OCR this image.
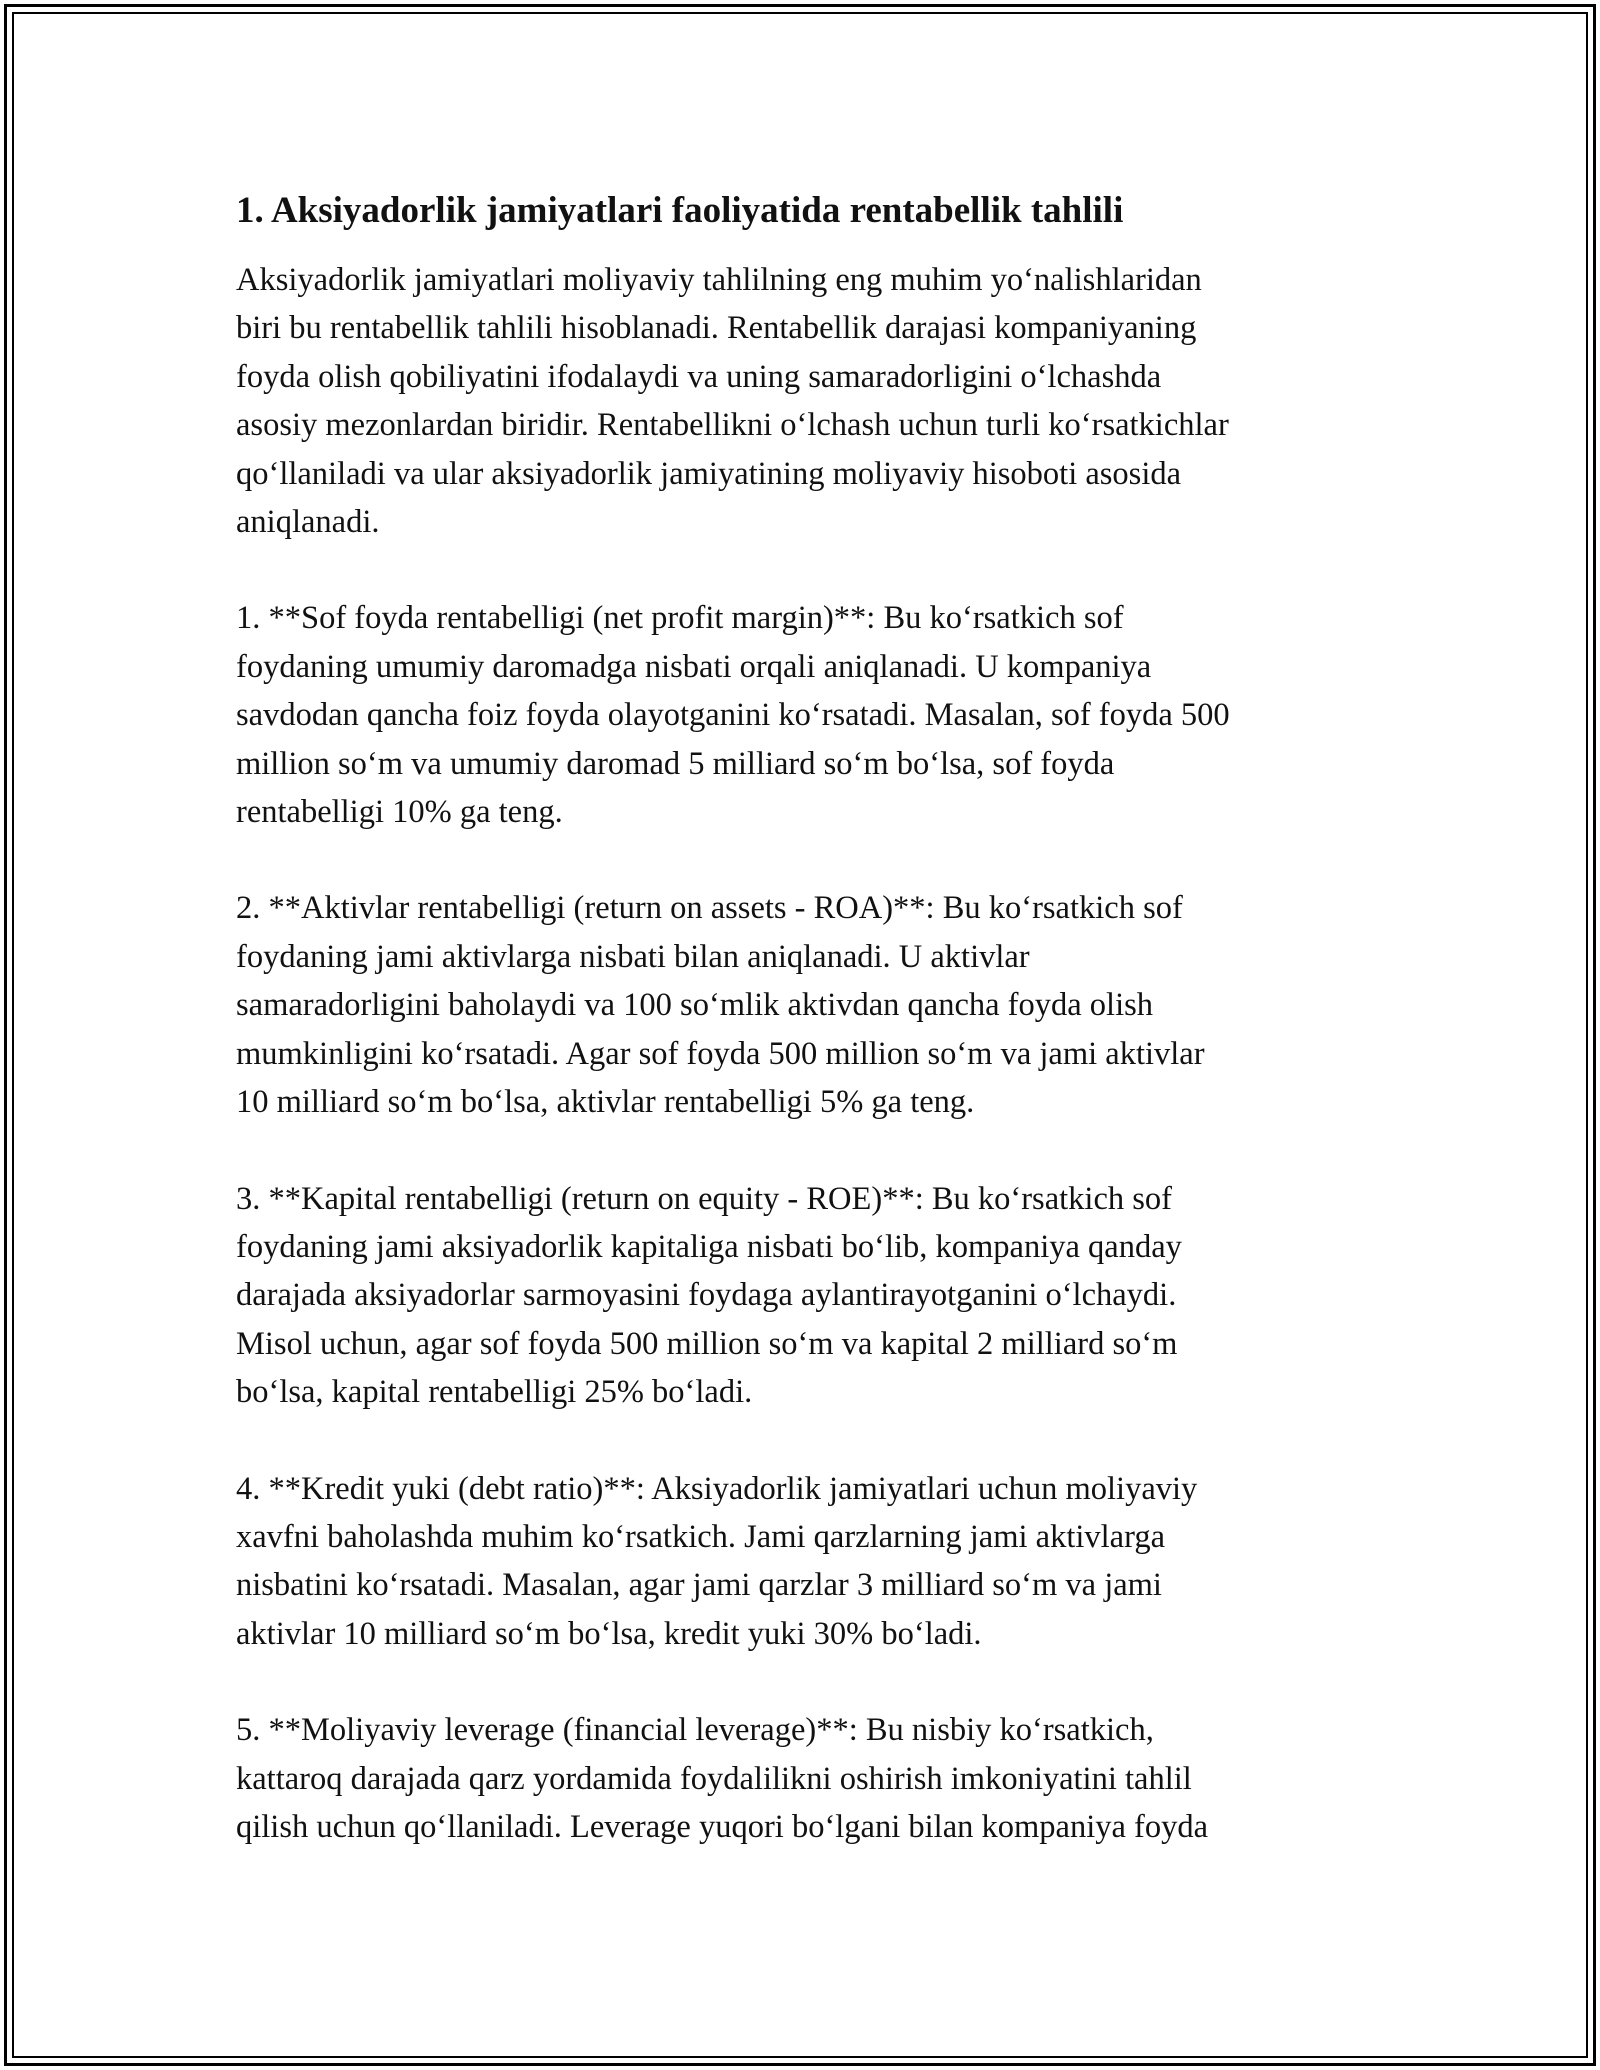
1. Aksiyadorlik jamiyatlari faoliyatida rentabellik tahlili

Aksiyadorlik jamiyatlari moliyaviy tahlilning eng muhim yo‘nalishlaridan
biri bu rentabellik tahlili hisoblanadi. Rentabellik darajasi kompaniyaning
foyda olish qobiliyatini ifodalaydi va uning samaradorligini o‘lchashda
asosiy mezonlardan biridir. Rentabellikni o‘lchash uchun turli ko‘rsatkichlar
qo‘llaniladi va ular aksiyadorlik jamiyatining moliyaviy hisoboti asosida
aniqlanadi.

1. **Sof foyda rentabelligi (net profit margin)**: Bu ko‘rsatkich sof
foydaning umumiy daromadga nisbati orqali aniqlanadi. U kompaniya
savdodan qancha foiz foyda olayotganini ko‘rsatadi. Masalan, sof foyda 500
million so‘m va umumiy daromad 5 milliard so‘m bo‘lsa, sof foyda
rentabelligi 10% ga teng.

2. **Aktivlar rentabelligi (return on assets - ROA)**: Bu ko‘rsatkich sof
foydaning jami aktivlarga nisbati bilan aniqlanadi. U aktivlar
samaradorligini baholaydi va 100 so‘mlik aktivdan qancha foyda olish
mumkinligini ko‘rsatadi. Agar sof foyda 500 million so‘m va jami aktivlar
10 milliard so‘m bo‘lsa, aktivlar rentabelligi 5% ga teng.

3. **Kapital rentabelligi (return on equity - ROE)**: Bu ko‘rsatkich sof
foydaning jami aksiyadorlik kapitaliga nisbati bo‘lib, kompaniya qanday
darajada aksiyadorlar sarmoyasini foydaga aylantirayotganini o‘lchaydi.
Misol uchun, agar sof foyda 500 million so‘m va kapital 2 milliard so‘m
bo‘lsa, kapital rentabelligi 25% bo‘ladi.

4. **Kredit yuki (debt ratio)**: Aksiyadorlik jamiyatlari uchun moliyaviy
xavfni baholashda muhim ko‘rsatkich. Jami qarzlarning jami aktivlarga
nisbatini ko‘rsatadi. Masalan, agar jami qarzlar 3 milliard so‘m va jami
aktivlar 10 milliard so‘m bo‘lsa, kredit yuki 30% bo‘ladi.

5. **Moliyaviy leverage (financial leverage)**: Bu nisbiy ko‘rsatkich,
kattaroq darajada qarz yordamida foydalilikni oshirish imkoniyatini tahlil
qilish uchun qo‘llaniladi. Leverage yuqori bo‘lgani bilan kompaniya foyda
